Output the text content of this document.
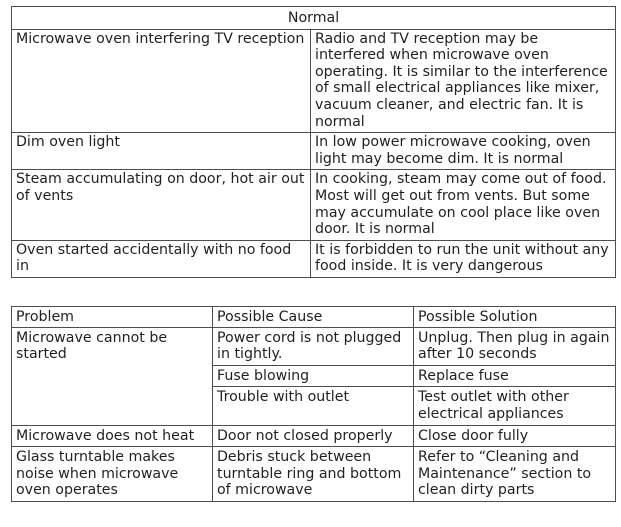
Normal	
Microwave oven interfering TV reception	Radio and TV reception may be interfered when microwave oven operating. It is similar to the interference of small electrical appliances like mixer, vacuum cleaner, and electric fan. It is normal
Dim oven light	In low power microwave cooking, oven light may become dim. It is normal
Steam accumulating on door, hot air out of vents	In cooking, steam may come out of food. Most will get out from vents. But some may accumulate on cool place like oven door. It is normal
Oven started accidentally with no food in	It is forbidden to run the unit without any food inside. It is very dangerous
Problem	Possible Cause	Possible Solution
Microwave cannot be started	Power cord is not plugged in tightly.	Unplug. Then plug in again after 10 seconds
	Fuse blowing	Replace fuse
	Trouble with outlet	Test outlet with other electrical appliances
Microwave does not heat	Door not closed properly	Close door fully
Glass turntable makes noise when microwave oven operates	Debris stuck between turntable ring and bottom of microwave	Refer to “Cleaning and Maintenance” section to clean dirty parts
